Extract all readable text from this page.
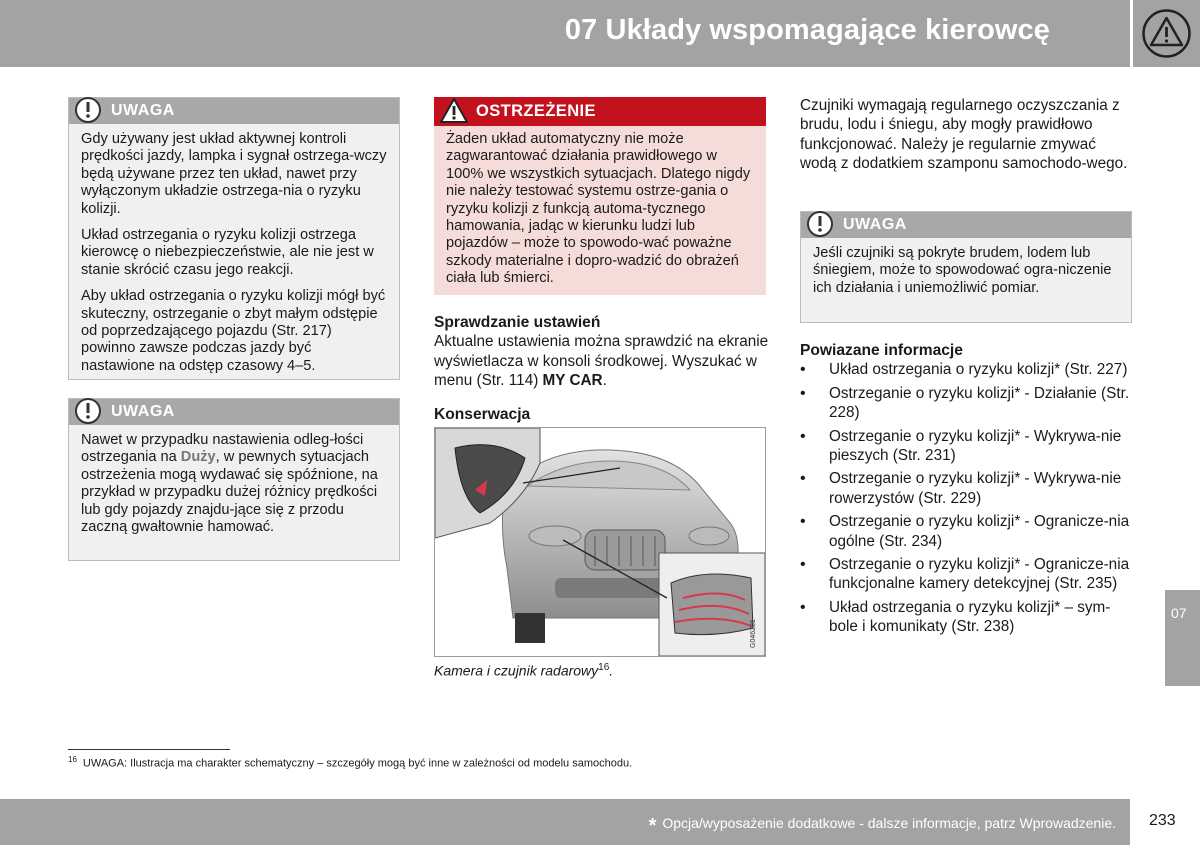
07 Układy wspomagające kierowcę
UWAGA

Gdy używany jest układ aktywnej kontroli prędkości jazdy, lampka i sygnał ostrzega-wczy będą używane przez ten układ, nawet przy wyłączonym układzie ostrzega-nia o ryzyku kolizji.

Układ ostrzegania o ryzyku kolizji ostrzega kierowcę o niebezpieczeństwie, ale nie jest w stanie skrócić czasu jego reakcji.

Aby układ ostrzegania o ryzyku kolizji mógł być skuteczny, ostrzeganie o zbyt małym odstępie od poprzedzającego pojazdu (Str. 217) powinno zawsze podczas jazdy być nastawione na odstęp czasowy 4–5.

UWAGA

Nawet w przypadku nastawienia odleg-łości ostrzegania na Duży, w pewnych sytuacjach ostrzeżenia mogą wydawać się spóźnione, na przykład w przypadku dużej różnicy prędkości lub gdy pojazdy znajdu-jące się z przodu zaczną gwałtownie hamować.

OSTRZEŻENIE

Żaden układ automatyczny nie może zagwarantować działania prawidłowego w 100% we wszystkich sytuacjach. Dlatego nigdy nie należy testować systemu ostrze-gania o ryzyku kolizji z funkcją automa-tycznego hamowania, jadąc w kierunku ludzi lub pojazdów – może to spowodo-wać poważne szkody materialne i dopro-wadzić do obrażeń ciała lub śmierci.

Sprawdzanie ustawień

Aktualne ustawienia można sprawdzić na ekranie wyświetlacza w konsoli środkowej. Wyszukać w menu (Str. 114) MY CAR.

Konserwacja
G046281
Kamera i czujnik radarowy$^{16}$.

Czujniki wymagają regularnego oczyszczania z brudu, lodu i śniegu, aby mogły prawidłowo funkcjonować. Należy je regularnie zmywać wodą z dodatkiem szamponu samochodo-wego.

UWAGA

Jeśli czujniki są pokryte brudem, lodem lub śniegiem, może to spowodować ogra-niczenie ich działania i uniemożliwić pomiar.

Powiazane informacje
• Układ ostrzegania o ryzyku kolizji* (Str. 227)
• Ostrzeganie o ryzyku kolizji* - Działanie (Str. 228)
• Ostrzeganie o ryzyku kolizji* - Wykrywa-nie pieszych (Str. 231)
• Ostrzeganie o ryzyku kolizji* - Wykrywa-nie rowerzystów (Str. 229)
• Ostrzeganie o ryzyku kolizji* - Ogranicze-nia ogólne (Str. 234)
• Ostrzeganie o ryzyku kolizji* - Ogranicze-nia funkcjonalne kamery detekcyjnej (Str. 235)
• Układ ostrzegania o ryzyku kolizji* – sym-bole i komunikaty (Str. 238)
07
$^{16}$ UWAGA: Ilustracja ma charakter schematyczny – szczegóły mogą być inne w zależności od modelu samochodu.
* Opcja/wyposażenie dodatkowe - dalsze informacje, patrz Wprowadzenie. 233
